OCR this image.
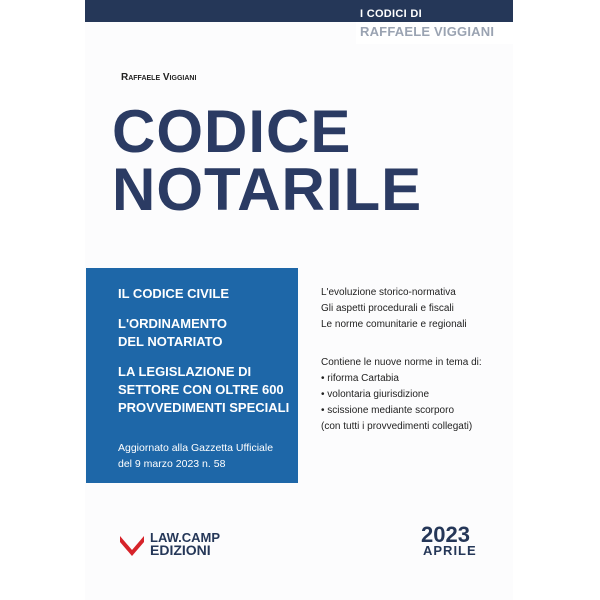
I CODICI DI
RAFFAELE VIGGIANI
Raffaele Viggiani
CODICE
NOTARILE
IL CODICE CIVILE
L'ORDINAMENTO
DEL NOTARIATO
LA LEGISLAZIONE DI
SETTORE CON OLTRE 600
PROVVEDIMENTI SPECIALI
Aggiornato alla Gazzetta Ufficiale
del 9 marzo 2023 n. 58
L'evoluzione storico-normativa
Gli aspetti procedurali e fiscali
Le norme comunitarie e regionali
Contiene le nuove norme in tema di:
• riforma Cartabia
• volontaria giurisdizione
• scissione mediante scorporo
(con tutti i provvedimenti collegati)
LAW.CAMP
EDIZIONI
2023
APRILE
